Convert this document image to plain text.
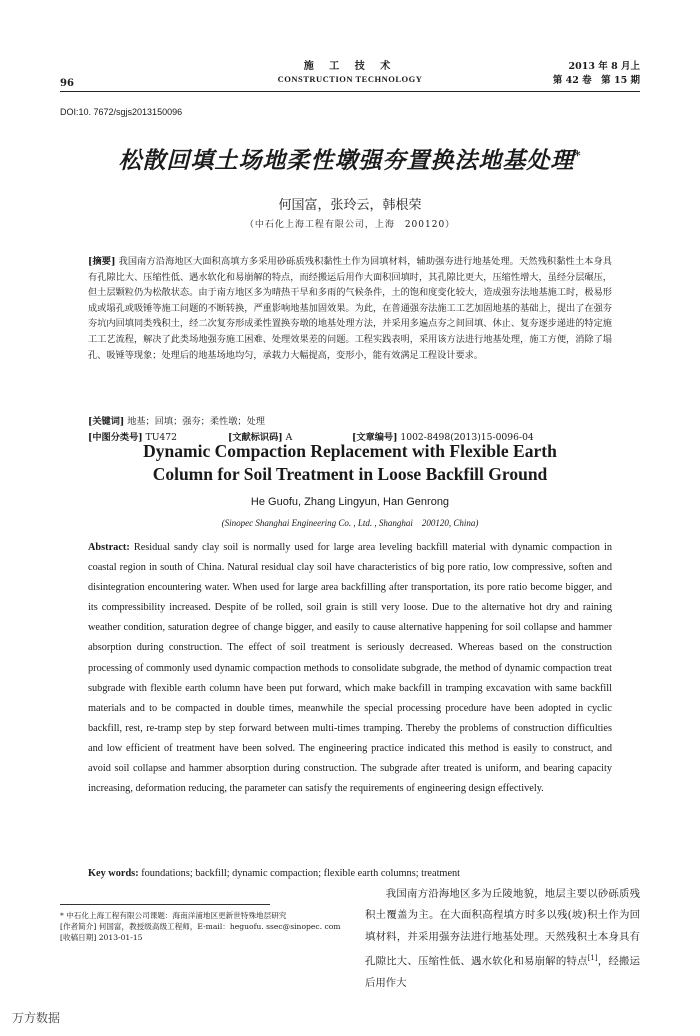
96
施 工 技 术
CONSTRUCTION TECHNOLOGY
2013 年 8 月上
第 42 卷　第 15 期
DOI:10. 7672/sgjs2013150096
松散回填土场地柔性墩强夯置换法地基处理*
何国富，张玲云，韩根荣
（中石化上海工程有限公司，上海　200120）
[摘要] 我国南方沿海地区大面积高填方多采用砂砾质残积黏性土作为回填材料，辅助强夯进行地基处理。天然残积黏性土本身具有孔隙比大、压缩性低、遇水软化和易崩解的特点，而经搬运后用作大面积回填时，其孔隙比更大，压缩性增大，虽经分层碾压，但土层颗粒仍为松散状态。由于南方地区多为晴热干旱和多雨的气候条件，土的饱和度变化较大，造成强夯法地基施工时，极易形成或塌孔或吸锤等施工问题的不断转换，严重影响地基加固效果。为此，在普通强夯法施工工艺加固地基的基础上，提出了在强夯夯坑内回填同类残积土，经二次复夯形成柔性置换夯墩的地基处理方法，并采用多遍点夯之间回填、休止、复夯逐步递进的特定施工工艺流程，解决了此类场地强夯施工困难、处理效果差的问题。工程实践表明，采用该方法进行地基处理，施工方便，消除了塌孔、吸锤等现象；处理后的地基场地均匀，承载力大幅提高，变形小，能有效满足工程设计要求。
[关键词] 地基；回填；强夯；柔性墩；处理
[中图分类号] TU472	[文献标识码] A	[文章编号] 1002-8498(2013)15-0096-04
Dynamic Compaction Replacement with Flexible Earth
Column for Soil Treatment in Loose Backfill Ground
He Guofu, Zhang Lingyun, Han Genrong
(Sinopec Shanghai Engineering Co. , Ltd. , Shanghai　200120, China)
Abstract: Residual sandy clay soil is normally used for large area leveling backfill material with dynamic compaction in coastal region in south of China. Natural residual clay soil have characteristics of big pore ratio, low compressive, soften and disintegration encountering water. When used for large area backfilling after transportation, its pore ratio become bigger, and its compressibility increased. Despite of be rolled, soil grain is still very loose. Due to the alternative hot dry and raining weather condition, saturation degree of change bigger, and easily to cause alternative happening for soil collapse and hammer absorption during construction. The effect of soil treatment is seriously decreased. Whereas based on the construction processing of commonly used dynamic compaction methods to consolidate subgrade, the method of dynamic compaction treat subgrade with flexible earth column have been put forward, which make backfill in tramping excavation with same backfill materials and to be compacted in double times, meanwhile the special processing procedure have been adopted in cyclic backfill, rest, re-tramp step by step forward between multi-times tramping. Thereby the problems of construction difficulties and low efficient of treatment have been solved. The engineering practice indicated this method is easily to construct, and avoid soil collapse and hammer absorption during construction. The subgrade after treated is uniform, and bearing capacity increasing, deformation reducing, the parameter can satisfy the requirements of engineering design effectively.
Key words: foundations; backfill; dynamic compaction; flexible earth columns; treatment
* 中石化上海工程有限公司课题：海南洋浦地区更新世特殊地层研究
[作者简介] 何国富，教授级高级工程师，E-mail：heguofu. ssec@sinopec. com
[收稿日期] 2013-01-15

我国南方沿海地区多为丘陵地貌，地层主要以砂砾质残积土覆盖为主。在大面积高程填方时多以残(坡)积土作为回填材料，并采用强夯法进行地基处理。天然残积土本身具有孔隙比大、压缩性低、遇水软化和易崩解的特点[1]，经搬运后用作大

万方数据
